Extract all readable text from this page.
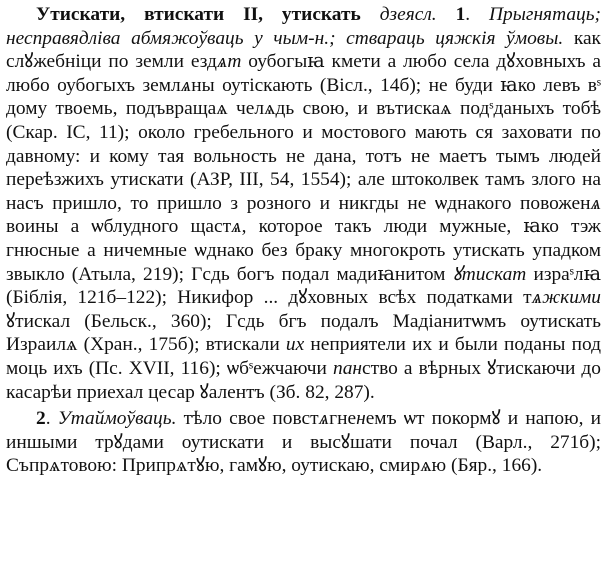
Утискати, втискати II, утискать дзеясл. 1. Прыгнятаць; несправядліва абмяжоўваць у чым-н.; ствараць цяжкія ўмовы. как слꙋжебніци по земли ездѧт оубогыꙗ кмети а любо села дꙋховныхъ а любо оубогыхъ землѧны оутіскають (Вісл., 14б); не буди ꙗко левъ вˢ дому твоемь, подъвращаѧ челѧдь свою, и вътискаѧ подˢданыхъ тобѣ (Скар. IC, 11); около гребельного и мостового мають ся заховати по давному: и кому тая вольность не дана, тотъ не маетъ тымъ людей переѣзжихъ утискати (АЗР, III, 54, 1554); але штоколвек тамъ злого на насъ пришло, то пришло з розного и никгды не ѡднакого повоженѧ воины а ѡблудного щастѧ, которое такъ люди мужные, ꙗко тэж гнюсные а ничемные ѡднако без браку многокроть утискать упадком звыкло (Атыла, 219); Гсдь богъ подал мадиꙗнитом ꙋтискат израˢлꙗ (Біблія, 121б–122); Никифор ... дꙋховных всѣх податками тѧжкими ꙋтискал (Бельск., 360); Гсдь бгъ подалъ Мадіанитѡмъ оутискать Израилѧ (Хран., 175б); втискали их неприятели их и были поданы под моць ихъ (Пс. XVII, 116); ѡбˢежчаючи панство а вѣрных ꙋтискаючи до касарѣи приехал цесар ꙋалентъ (Зб. 82, 287).

2. Утаймоўваць. тѣло свое повстѧгненемъ ѡт покормꙋ и напою, и иншыми трꙋдами оутискати и высꙋшати почал (Варл., 271б); Съпрѧтовою: Припрѧтꙋю, гамꙋю, оутискаю, смирѧю (Бяр., 166).
